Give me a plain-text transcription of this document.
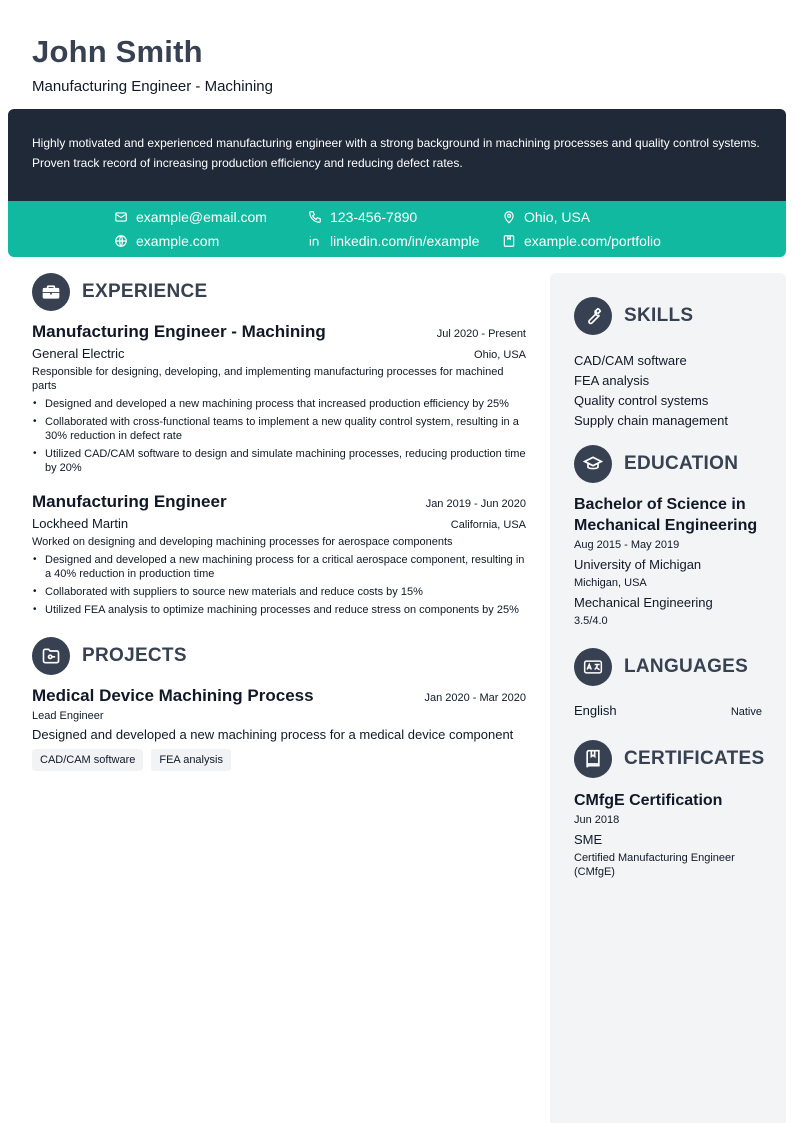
John Smith
Manufacturing Engineer - Machining
Highly motivated and experienced manufacturing engineer with a strong background in machining processes and quality control systems. Proven track record of increasing production efficiency and reducing defect rates.
example@email.com	123-456-7890	Ohio, USA
example.com	linkedin.com/in/example	example.com/portfolio
EXPERIENCE
Manufacturing Engineer - Machining	Jul 2020 - Present
General Electric	Ohio, USA
Responsible for designing, developing, and implementing manufacturing processes for machined parts
• Designed and developed a new machining process that increased production efficiency by 25%
• Collaborated with cross-functional teams to implement a new quality control system, resulting in a 30% reduction in defect rate
• Utilized CAD/CAM software to design and simulate machining processes, reducing production time by 20%
Manufacturing Engineer	Jan 2019 - Jun 2020
Lockheed Martin	California, USA
Worked on designing and developing machining processes for aerospace components
• Designed and developed a new machining process for a critical aerospace component, resulting in a 40% reduction in production time
• Collaborated with suppliers to source new materials and reduce costs by 15%
• Utilized FEA analysis to optimize machining processes and reduce stress on components by 25%
PROJECTS
Medical Device Machining Process	Jan 2020 - Mar 2020
Lead Engineer
Designed and developed a new machining process for a medical device component
CAD/CAM software	FEA analysis
SKILLS
CAD/CAM software
FEA analysis
Quality control systems
Supply chain management
EDUCATION
Bachelor of Science in Mechanical Engineering
Aug 2015 - May 2019
University of Michigan
Michigan, USA
Mechanical Engineering
3.5/4.0
LANGUAGES
English	Native
CERTIFICATES
CMfgE Certification
Jun 2018
SME
Certified Manufacturing Engineer (CMfgE)
